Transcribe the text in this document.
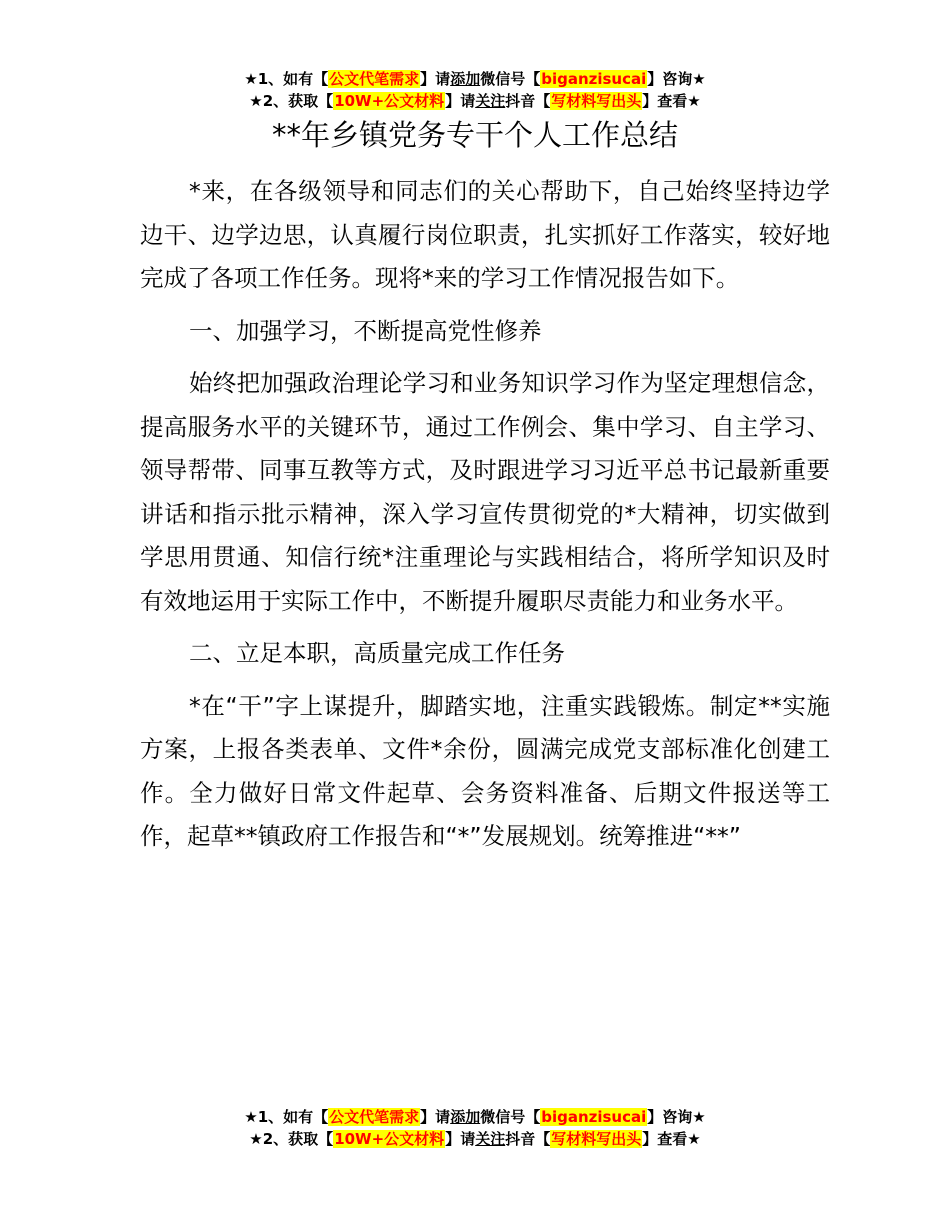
★1、如有【公文代笔需求】请添加微信号【biganzisucai】咨询★
★2、获取【10W+公文材料】请关注抖音【写材料写出头】查看★
**年乡镇党务专干个人工作总结

*来，在各级领导和同志们的关心帮助下，自己始终坚持边学边干、边学边思，认真履行岗位职责，扎实抓好工作落实，较好地完成了各项工作任务。现将*来的学习工作情况报告如下。

一、加强学习，不断提高党性修养

始终把加强政治理论学习和业务知识学习作为坚定理想信念，提高服务水平的关键环节，通过工作例会、集中学习、自主学习、领导帮带、同事互教等方式，及时跟进学习习近平总书记最新重要讲话和指示批示精神，深入学习宣传贯彻党的*大精神，切实做到学思用贯通、知信行统*注重理论与实践相结合，将所学知识及时有效地运用于实际工作中，不断提升履职尽责能力和业务水平。

二、立足本职，高质量完成工作任务

*在“干”字上谋提升，脚踏实地，注重实践锻炼。制定**实施方案，上报各类表单、文件*余份，圆满完成党支部标准化创建工作。全力做好日常文件起草、会务资料准备、后期文件报送等工作，起草**镇政府工作报告和“*”发展规划。统筹推进“**”

★1、如有【公文代笔需求】请添加微信号【biganzisucai】咨询★
★2、获取【10W+公文材料】请关注抖音【写材料写出头】查看★
